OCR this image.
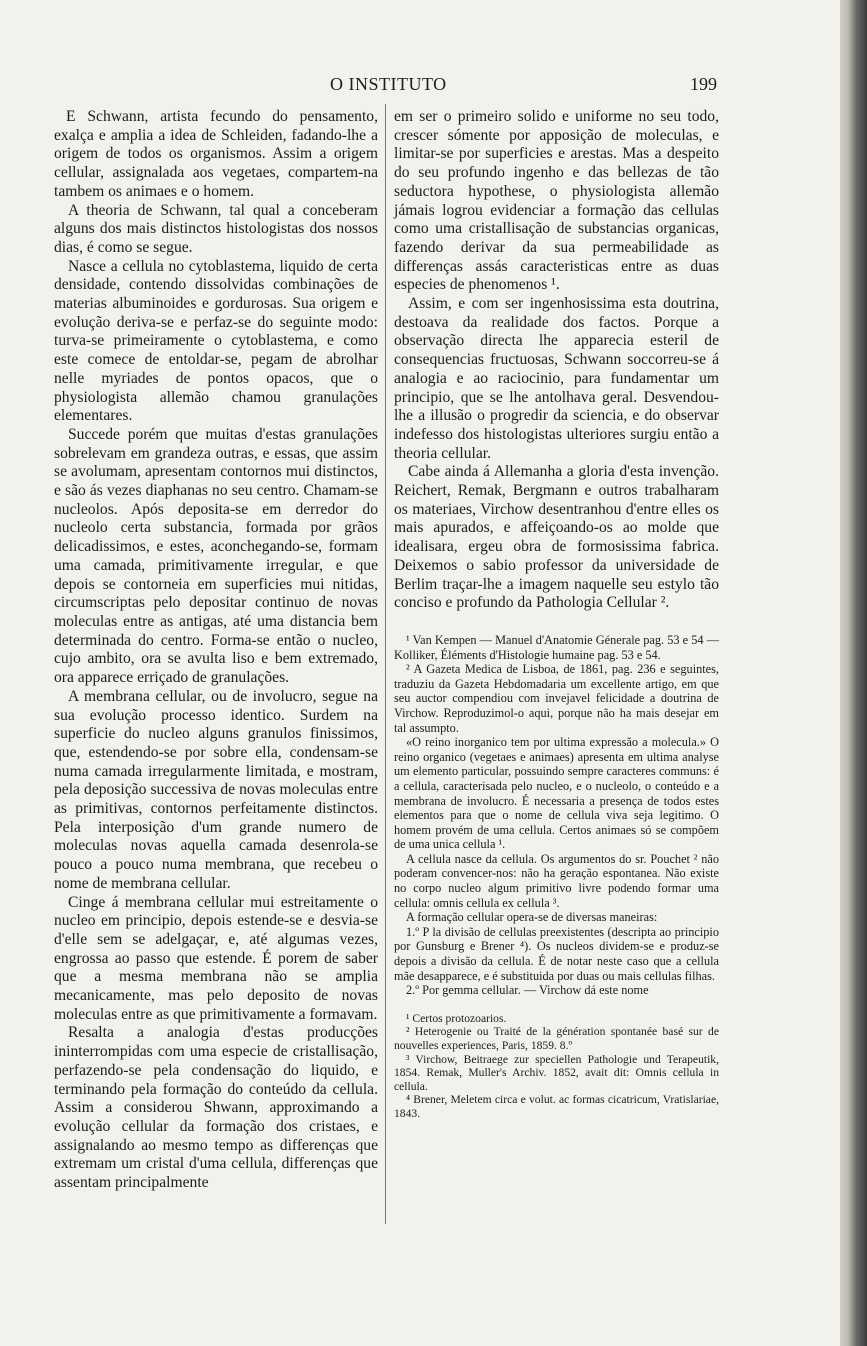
O INSTITUTO	199

E Schwann, artista fecundo do pensamento, exalça e amplia a idea de Schleiden, fadando-lhe a origem de todos os organismos. Assim a origem cellular, assignalada aos vegetaes, compartem-na tambem os animaes e o homem.

A theoria de Schwann, tal qual a conceberam alguns dos mais distinctos histologistas dos nossos dias, é como se segue.

Nasce a cellula no cytoblastema, liquido de certa densidade, contendo dissolvidas combinações de materias albuminoides e gordurosas. Sua origem e evolução deriva-se e perfaz-se do seguinte modo: turva-se primeiramente o cytoblastema, e como este comece de entoldar-se, pegam de abrolhar nelle myriades de pontos opacos, que o physiologista allemão chamou granulações elementares.

Succede porém que muitas d'estas granulações sobrelevam em grandeza outras, e essas, que assim se avolumam, apresentam contornos mui distinctos, e são ás vezes diaphanas no seu centro. Chamam-se nucleolos. Após deposita-se em derredor do nucleolo certa substancia, formada por grãos delicadissimos, e estes, aconchegando-se, formam uma camada, primitivamente irregular, e que depois se contorneia em superficies mui nitidas, circumscriptas pelo depositar continuo de novas moleculas entre as antigas, até uma distancia bem determinada do centro. Forma-se então o nucleo, cujo ambito, ora se avulta liso e bem extremado, ora apparece erriçado de granulações.

A membrana cellular, ou de involucro, segue na sua evolução processo identico. Surdem na superficie do nucleo alguns granulos finissimos, que, estendendo-se por sobre ella, condensam-se numa camada irregularmente limitada, e mostram, pela deposição successiva de novas moleculas entre as primitivas, contornos perfeitamente distinctos. Pela interposição d'um grande numero de moleculas novas aquella camada desenrola-se pouco a pouco numa membrana, que recebeu o nome de membrana cellular.

Cinge á membrana cellular mui estreitamente o nucleo em principio, depois estende-se e desvia-se d'elle sem se adelgaçar, e, até algumas vezes, engrossa ao passo que estende. É porem de saber que a mesma membrana não se amplia mecanicamente, mas pelo deposito de novas moleculas entre as que primitivamente a formavam.

Resalta a analogia d'estas producções ininterrompidas com uma especie de cristallisação, perfazendo-se pela condensação do liquido, e terminando pela formação do conteúdo da cellula. Assim a considerou Shwann, approximando a evolução cellular da formação dos cristaes, e assignalando ao mesmo tempo as differenças que extremam um cristal d'uma cellula, differenças que assentam principalmente

em ser o primeiro solido e uniforme no seu todo, crescer sómente por apposição de moleculas, e limitar-se por superficies e arestas. Mas a despeito do seu profundo ingenho e das bellezas de tão seductora hypothese, o physiologista allemão jámais logrou evidenciar a formação das cellulas como uma cristallisação de substancias organicas, fazendo derivar da sua permeabilidade as differenças assás caracteristicas entre as duas especies de phenomenos ¹.

Assim, e com ser ingenhosissima esta doutrina, destoava da realidade dos factos. Porque a observação directa lhe apparecia esteril de consequencias fructuosas, Schwann soccorreu-se á analogia e ao raciocinio, para fundamentar um principio, que se lhe antolhava geral. Desvendou-lhe a illusão o progredir da sciencia, e do observar indefesso dos histologistas ulteriores surgiu então a theoria cellular.

Cabe ainda á Allemanha a gloria d'esta invenção. Reichert, Remak, Bergmann e outros trabalharam os materiaes, Virchow desentranhou d'entre elles os mais apurados, e affeiçoando-os ao molde que idealisara, ergeu obra de formosissima fabrica. Deixemos o sabio professor da universidade de Berlim traçar-lhe a imagem naquelle seu estylo tão conciso e profundo da Pathologia Cellular ².

¹ Van Kempen — Manuel d'Anatomie Génerale pag. 53 e 54 — Kolliker, Éléments d'Histologie humaine pag. 53 e 54.

² A Gazeta Medica de Lisboa, de 1861, pag. 236 e seguintes, traduziu da Gazeta Hebdomadaria um excellente artigo, em que seu auctor compendiou com invejavel felicidade a doutrina de Virchow. Reproduzimol-o aqui, porque não ha mais desejar em tal assumpto.

«O reino inorganico tem por ultima expressão a molecula.» O reino organico (vegetaes e animaes) apresenta em ultima analyse um elemento particular, possuindo sempre caracteres communs: é a cellula, caracterisada pelo nucleo, e o nucleolo, o conteúdo e a membrana de involucro. É necessaria a presença de todos estes elementos para que o nome de cellula viva seja legitimo. O homem provém de uma cellula. Certos animaes só se compõem de uma unica cellula ¹.

A cellula nasce da cellula. Os argumentos do sr. Pouchet ² não poderam convencer-nos: não ha geração espontanea. Não existe no corpo nucleo algum primitivo livre podendo formar uma cellula: omnis cellula ex cellula ³.

A formação cellular opera-se de diversas maneiras:

1.º P la divisão de cellulas preexistentes (descripta ao principio por Gunsburg e Brener ⁴). Os nucleos dividem-se e produz-se depois a divisão da cellula. É de notar neste caso que a cellula mãe desapparece, e é substituida por duas ou mais cellulas filhas.

2.º Por gemma cellular. — Virchow dá este nome

¹ Certos protozoarios.

² Heterogenie ou Traité de la génération spontanée basé sur de nouvelles experiences, Paris, 1859. 8.º

³ Virchow, Beitraege zur speciellen Pathologie und Terapeutik, 1854. Remak, Muller's Archiv. 1852, avait dit: Omnis cellula in cellula.

⁴ Brener, Meletem circa e volut. ac formas cicatricum, Vratislariae, 1843.
